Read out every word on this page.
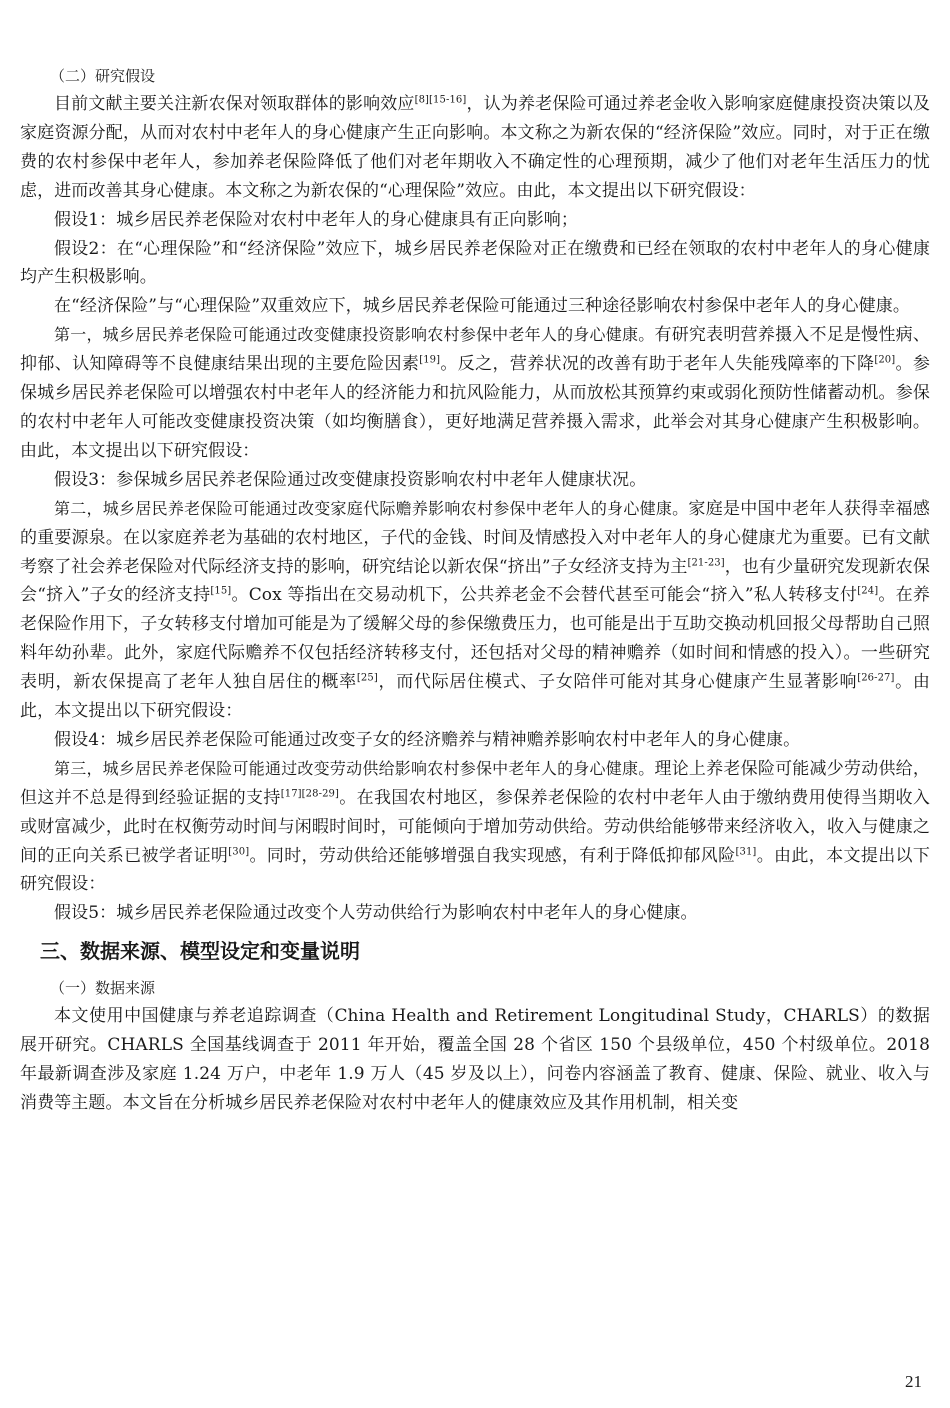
（二）研究假设

目前文献主要关注新农保对领取群体的影响效应[8][15-16]，认为养老保险可通过养老金收入影响家庭健康投资决策以及家庭资源分配，从而对农村中老年人的身心健康产生正向影响。本文称之为新农保的“经济保险”效应。同时，对于正在缴费的农村参保中老年人，参加养老保险降低了他们对老年期收入不确定性的心理预期，减少了他们对老年生活压力的忧虑，进而改善其身心健康。本文称之为新农保的“心理保险”效应。由此，本文提出以下研究假设：

假设1：城乡居民养老保险对农村中老年人的身心健康具有正向影响；

假设2：在“心理保险”和“经济保险”效应下，城乡居民养老保险对正在缴费和已经在领取的农村中老年人的身心健康均产生积极影响。

在“经济保险”与“心理保险”双重效应下，城乡居民养老保险可能通过三种途径影响农村参保中老年人的身心健康。

第一，城乡居民养老保险可能通过改变健康投资影响农村参保中老年人的身心健康。有研究表明营养摄入不足是慢性病、抑郁、认知障碍等不良健康结果出现的主要危险因素[19]。反之，营养状况的改善有助于老年人失能残障率的下降[20]。参保城乡居民养老保险可以增强农村中老年人的经济能力和抗风险能力，从而放松其预算约束或弱化预防性储蓄动机。参保的农村中老年人可能改变健康投资决策（如均衡膳食），更好地满足营养摄入需求，此举会对其身心健康产生积极影响。由此，本文提出以下研究假设：

假设3：参保城乡居民养老保险通过改变健康投资影响农村中老年人健康状况。

第二，城乡居民养老保险可能通过改变家庭代际赡养影响农村参保中老年人的身心健康。家庭是中国中老年人获得幸福感的重要源泉。在以家庭养老为基础的农村地区，子代的金钱、时间及情感投入对中老年人的身心健康尤为重要。已有文献考察了社会养老保险对代际经济支持的影响，研究结论以新农保“挤出”子女经济支持为主[21-23]，也有少量研究发现新农保会“挤入”子女的经济支持[15]。Cox 等指出在交易动机下，公共养老金不会替代甚至可能会“挤入”私人转移支付[24]。在养老保险作用下，子女转移支付增加可能是为了缓解父母的参保缴费压力，也可能是出于互助交换动机回报父母帮助自己照料年幼孙辈。此外，家庭代际赡养不仅包括经济转移支付，还包括对父母的精神赡养（如时间和情感的投入）。一些研究表明，新农保提高了老年人独自居住的概率[25]，而代际居住模式、子女陪伴可能对其身心健康产生显著影响[26-27]。由此，本文提出以下研究假设：

假设4：城乡居民养老保险可能通过改变子女的经济赡养与精神赡养影响农村中老年人的身心健康。

第三，城乡居民养老保险可能通过改变劳动供给影响农村参保中老年人的身心健康。理论上养老保险可能减少劳动供给，但这并不总是得到经验证据的支持[17][28-29]。在我国农村地区，参保养老保险的农村中老年人由于缴纳费用使得当期收入或财富减少，此时在权衡劳动时间与闲暇时间时，可能倾向于增加劳动供给。劳动供给能够带来经济收入，收入与健康之间的正向关系已被学者证明[30]。同时，劳动供给还能够增强自我实现感，有利于降低抑郁风险[31]。由此，本文提出以下研究假设：

假设5：城乡居民养老保险通过改变个人劳动供给行为影响农村中老年人的身心健康。

三、数据来源、模型设定和变量说明

（一）数据来源

本文使用中国健康与养老追踪调查（China Health and Retirement Longitudinal Study，CHARLS）的数据展开研究。CHARLS 全国基线调查于 2011 年开始，覆盖全国 28 个省区 150 个县级单位，450 个村级单位。2018 年最新调查涉及家庭 1.24 万户，中老年 1.9 万人（45 岁及以上），问卷内容涵盖了教育、健康、保险、就业、收入与消费等主题。本文旨在分析城乡居民养老保险对农村中老年人的健康效应及其作用机制，相关变

21
